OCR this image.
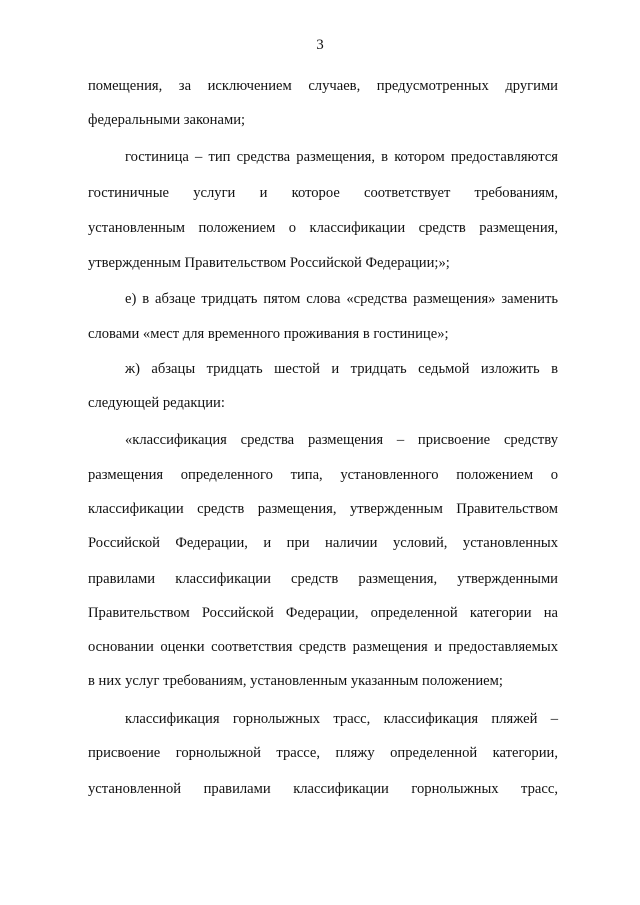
3
помещения, за исключением случаев, предусмотренных другими
федеральными законами;
гостиница – тип средства размещения, в котором предоставляются
гостиничные услуги и которое соответствует требованиям,
установленным положением о классификации средств размещения,
утвержденным Правительством Российской Федерации;»;
е) в абзаце тридцать пятом слова «средства размещения» заменить
словами «мест для временного проживания в гостинице»;
ж) абзацы тридцать шестой и тридцать седьмой изложить в
следующей редакции:
«классификация средства размещения – присвоение средству
размещения определенного типа, установленного положением о
классификации средств размещения, утвержденным Правительством
Российской Федерации, и при наличии условий, установленных
правилами классификации средств размещения, утвержденными
Правительством Российской Федерации, определенной категории на
основании оценки соответствия средств размещения и предоставляемых
в них услуг требованиям, установленным указанным положением;
классификация горнолыжных трасс, классификация пляжей –
присвоение горнолыжной трассе, пляжу определенной категории,
установленной правилами классификации горнолыжных трасс,
